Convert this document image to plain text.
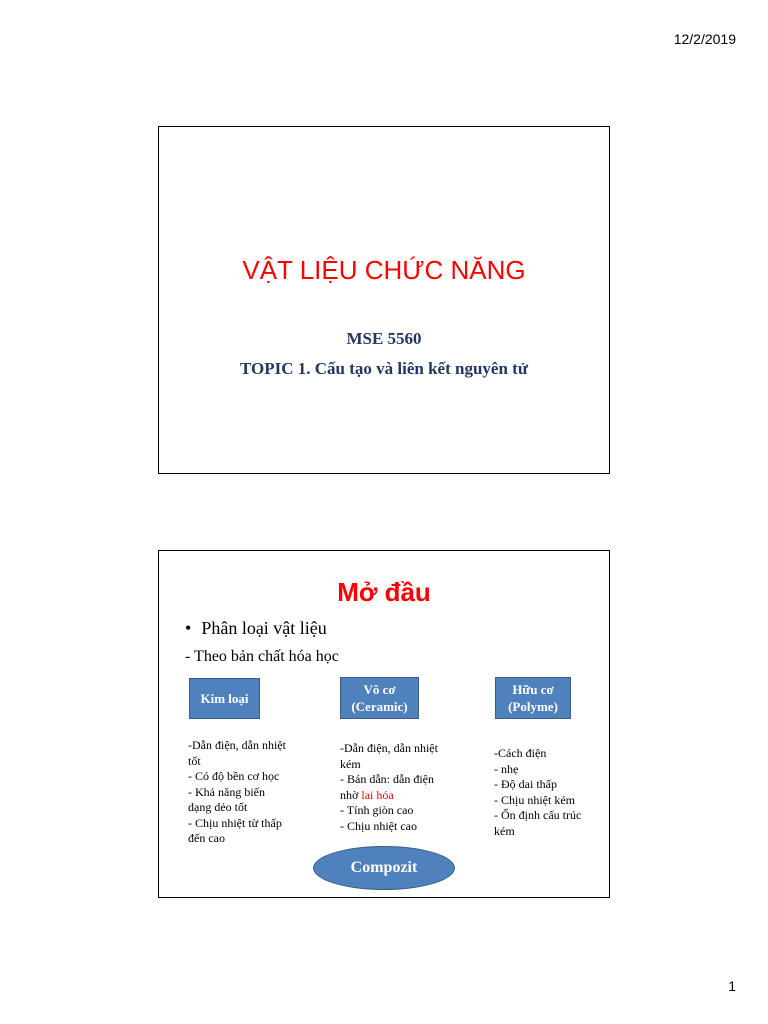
12/2/2019
VẬT LIỆU CHỨC NĂNG
MSE 5560
TOPIC 1. Cấu tạo và liên kết nguyên tử
Mở đầu
• Phân loại vật liệu
- Theo bản chất hóa học
Kim loại
Vô cơ
(Ceramic)
Hữu cơ
(Polyme)
-Dẫn điện, dẫn nhiệt
tốt
- Có độ bền cơ học
- Khả năng biến
dạng dẻo tốt
- Chịu nhiệt từ thấp
đến cao
-Dẫn điện, dẫn nhiệt
kém
- Bán dẫn: dẫn điện
nhờ lai hóa
- Tính giòn cao
- Chịu nhiệt cao
-Cách điện
- nhẹ
- Độ dai thấp
- Chịu nhiệt kém
- Ổn định cấu trúc
kém
Compozit
1
